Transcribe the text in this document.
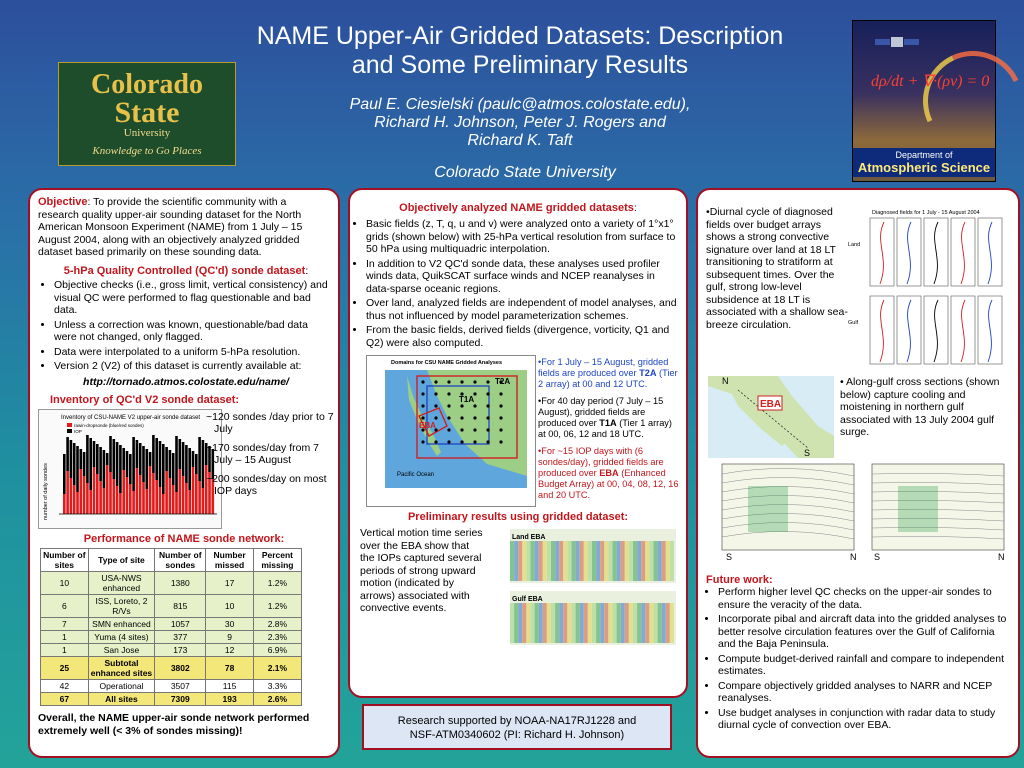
NAME Upper-Air Gridded Datasets: Description
and Some Preliminary Results
Paul E. Ciesielski (paulc@atmos.colostate.edu),
Richard H. Johnson, Peter J. Rogers and
Richard K. Taft
Colorado State University
Colorado
State
University
Knowledge to Go Places
dρ/dt + ∇·(ρv) = 0
Department of
Atmospheric Science
Objective: To provide the scientific community with a research quality upper-air sounding dataset for the North American Monsoon Experiment (NAME) from 1 July – 15 August 2004, along with an objectively analyzed gridded dataset based primarily on these sounding data.
5-hPa Quality Controlled (QC'd) sonde dataset:
• Objective checks (i.e., gross limit, vertical consistency) and visual QC were performed to flag questionable and bad data.
• Unless a correction was known, questionable/bad data were not changed, only flagged.
• Data were interpolated to a uniform 5-hPa resolution.
• Version 2 (V2) of this dataset is currently available at:
http://tornado.atmos.colostate.edu/name/
Inventory of QC'd V2 sonde dataset:
Inventory of CSU-NAME V2 upper-air sonde dataset
number of daily sondes
rawin-dropsonde (blue/red sondes)
IOP
~120 sondes /day prior to 7 July
~170 sondes/day from 7 July – 15 August
~200 sondes/day on most IOP days
Performance of NAME sonde network:
Number of sites	Type of site	Number of sondes	Number missed	Percent missing
10	USA-NWS enhanced	1380	17	1.2%
6	ISS, Loreto, 2 R/Vs	815	10	1.2%
7	SMN enhanced	1057	30	2.8%
1	Yuma (4 sites)	377	9	2.3%
1	San Jose	173	12	6.9%
25	Subtotal enhanced sites	3802	78	2.1%
42	Operational	3507	115	3.3%
67	All sites	7309	193	2.6%
Overall, the NAME upper-air sonde network performed extremely well (< 3% of sondes missing)!
Objectively analyzed NAME gridded datasets:
• Basic fields (z, T, q, u and v) were analyzed onto a variety of 1°x1° grids (shown below) with 25-hPa vertical resolution from surface to 50 hPa using multiquadric interpolation.
• In addition to V2 QC'd sonde data, these analyses used profiler winds data, QuikSCAT surface winds and NCEP reanalyses in data-sparse oceanic regions.
• Over land, analyzed fields are independent of model analyses, and thus not influenced by model parameterization schemes.
• From the basic fields, derived fields (divergence, vorticity, Q1 and Q2) were also computed.
Domains for CSU NAME Gridded Analyses
T2A
T1A
EBA
Pacific Ocean
•For 1 July – 15 August, gridded fields are produced over T2A (Tier 2 array) at 00 and 12 UTC.
•For 40 day period (7 July – 15 August), gridded fields are produced over T1A (Tier 1 array) at 00, 06, 12 and 18 UTC.
•For ~15 IOP days with (6 sondes/day), gridded fields are produced over EBA (Enhanced Budget Array) at 00, 04, 08, 12, 16 and 20 UTC.
Preliminary results using gridded dataset:
Vertical motion time series over the EBA show that the IOPs captured several periods of strong upward motion (indicated by arrows) associated with convective events.
Land EBA
Gulf EBA
•Diurnal cycle of diagnosed fields over budget arrays shows a strong convective signature over land at 18 LT transitioning to stratiform at subsequent times. Over the gulf, strong low-level subsidence at 18 LT is associated with a shallow sea-breeze circulation.
Diagnosed fields for 1 July - 15 August 2004
Land
Gulf
EBA
N
S
• Along-gulf cross sections (shown below) capture cooling and moistening in northern gulf associated with 13 July 2004 gulf surge.
S	N S	N
Future work:
• Perform higher level QC checks on the upper-air sondes to ensure the veracity of the data.
• Incorporate pibal and aircraft data into the gridded analyses to better resolve circulation features over the Gulf of California and the Baja Peninsula.
• Compute budget-derived rainfall and compare to independent estimates.
• Compare objectively gridded analyses to NARR and NCEP reanalyses.
• Use budget analyses in conjunction with radar data to study diurnal cycle of convection over EBA.
Research supported by NOAA-NA17RJ1228 and
NSF-ATM0340602 (PI: Richard H. Johnson)
